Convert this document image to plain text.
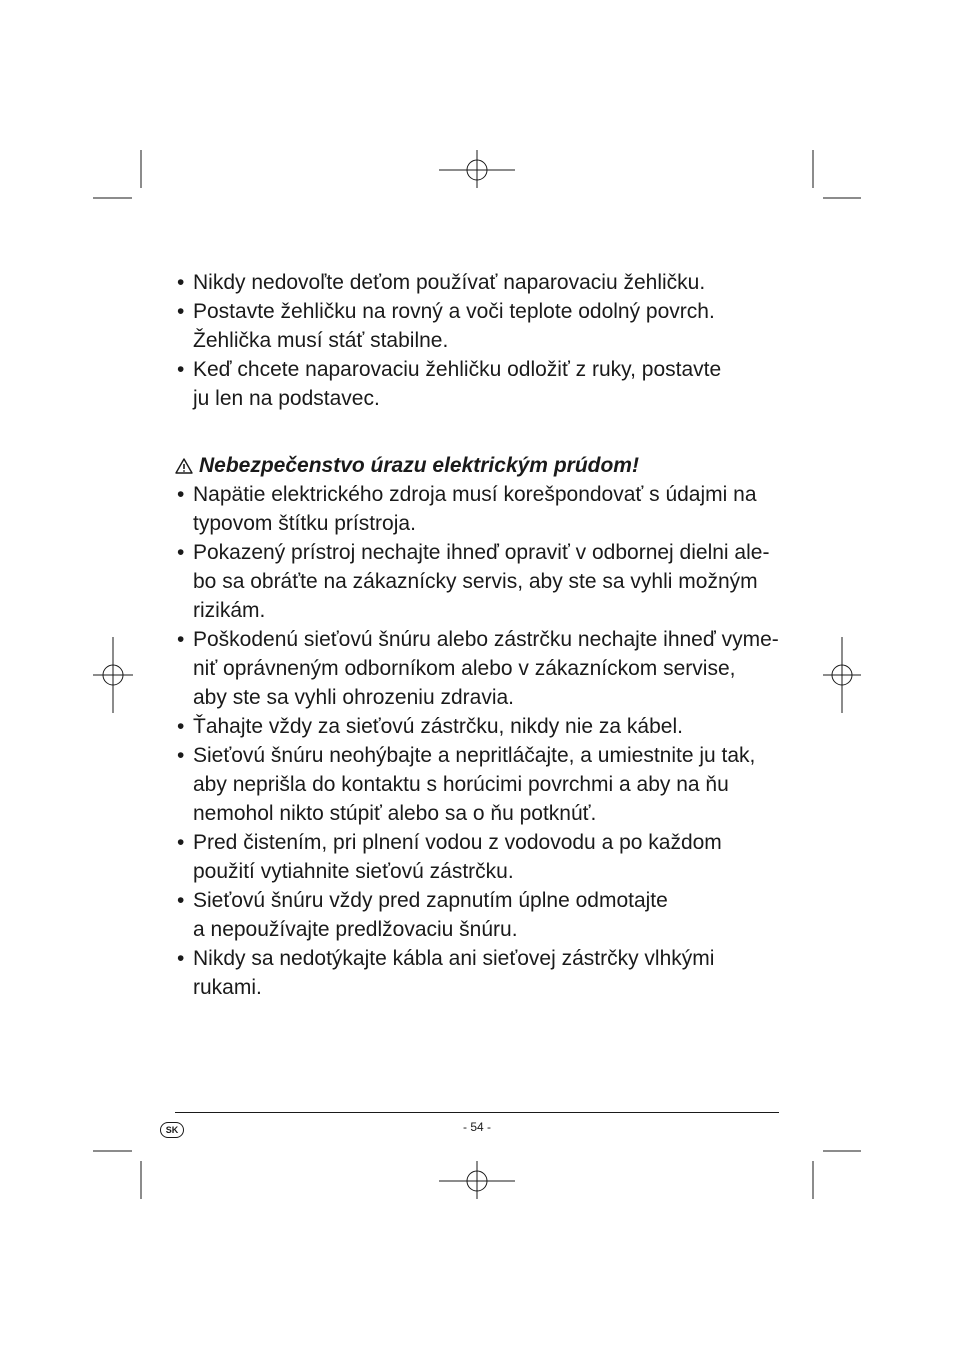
• Nikdy nedovoľte deťom používať naparovaciu žehličku.
• Postavte žehličku na rovný a voči teplote odolný povrch.
Žehlička musí stáť stabilne.
• Keď chcete naparovaciu žehličku odložiť z ruky, postavte
ju len na podstavec.
Nebezpečenstvo úrazu elektrickým prúdom!
• Napätie elektrického zdroja musí korešpondovať s údajmi na
typovom štítku prístroja.
• Pokazený prístroj nechajte ihneď opraviť v odbornej dielni ale-
bo sa obráťte na zákaznícky servis, aby ste sa vyhli možným
rizikám.
• Poškodenú sieťovú šnúru alebo zástrčku nechajte ihneď vyme-
niť oprávneným odborníkom alebo v zákazníckom servise,
aby ste sa vyhli ohrozeniu zdravia.
• Ťahajte vždy za sieťovú zástrčku, nikdy nie za kábel.
• Sieťovú šnúru neohýbajte a nepritláčajte, a umiestnite ju tak,
aby neprišla do kontaktu s horúcimi povrchmi a aby na ňu
nemohol nikto stúpiť alebo sa o ňu potknúť.
• Pred čistením, pri plnení vodou z vodovodu a po každom
použití vytiahnite sieťovú zástrčku.
• Sieťovú šnúru vždy pred zapnutím úplne odmotajte
a nepoužívajte predlžovaciu šnúru.
• Nikdy sa nedotýkajte kábla ani sieťovej zástrčky vlhkými
rukami.
SK	- 54 -
